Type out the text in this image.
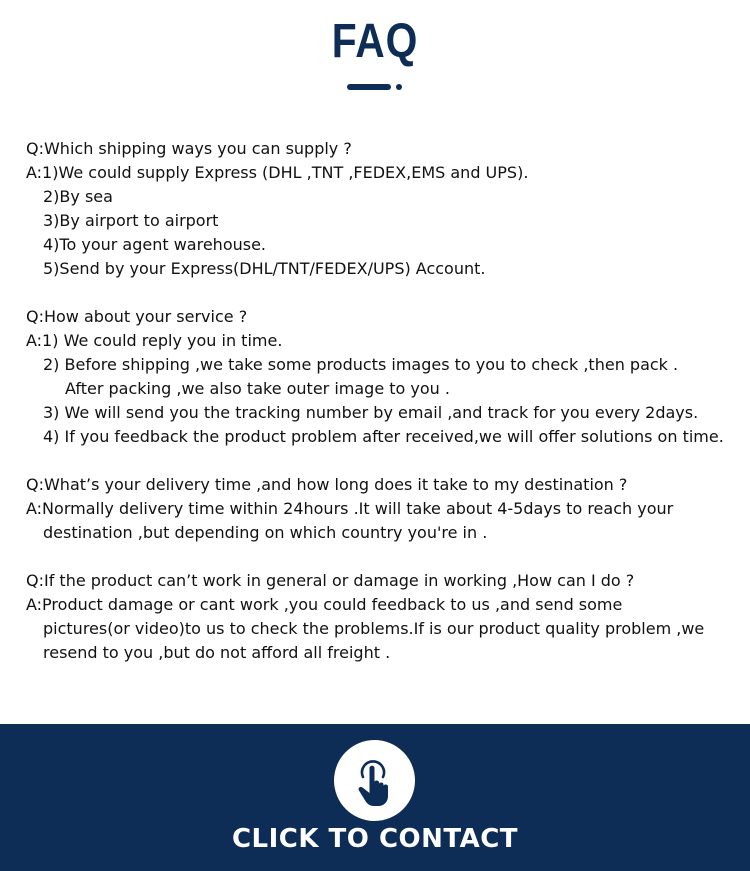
FAQ
Q:Which shipping ways you can supply ?
A:1)We could supply Express (DHL ,TNT ,FEDEX,EMS and UPS).
2)By sea
3)By airport to airport
4)To your agent warehouse.
5)Send by your Express(DHL/TNT/FEDEX/UPS) Account.
Q:How about your service ?
A:1) We could reply you in time.
2) Before shipping ,we take some products images to you to check ,then pack .
After packing ,we also take outer image to you .
3) We will send you the tracking number by email ,and track for you every 2days.
4) If you feedback the product problem after received,we will offer solutions on time.
Q:What’s your delivery time ,and how long does it take to my destination ?
A:Normally delivery time within 24hours .It will take about 4-5days to reach your
destination ,but depending on which country you're in .
Q:If the product can’t work in general or damage in working ,How can I do ?
A:Product damage or cant work ,you could feedback to us ,and send some
pictures(or video)to us to check the problems.If is our product quality problem ,we
resend to you ,but do not afford all freight .
CLICK TO CONTACT
